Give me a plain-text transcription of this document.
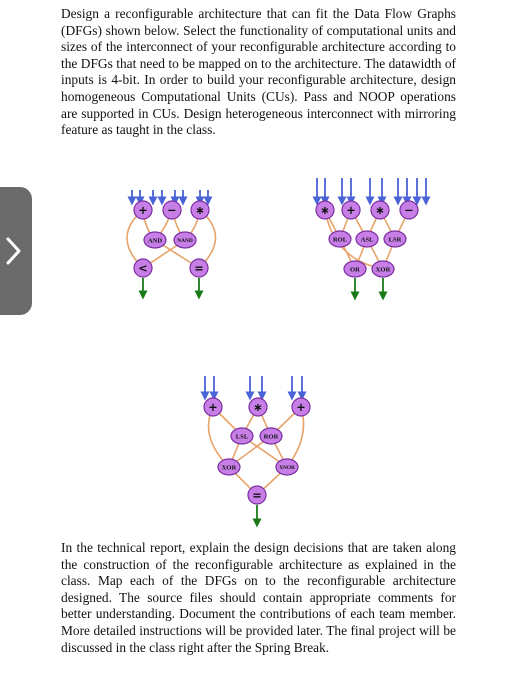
Design a reconfigurable architecture that can fit the Data Flow Graphs (DFGs) shown below. Select the functionality of computational units and sizes of the interconnect of your reconfigurable architecture according to the DFGs that need to be mapped on to the architecture. The datawidth of inputs is 4-bit. In order to build your reconfigurable architecture, design homogeneous Computational Units (CUs). Pass and NOOP operations are supported in CUs. Design heterogeneous interconnect with mirroring feature as taught in the class.
+ − ∗
AND	NAND
<	=
∗ + ∗ −
ROL ASL LSR
OR XOR
+	∗	+
LSL ROR
XOR	XNOR
=
In the technical report, explain the design decisions that are taken along the construction of the reconfigurable architecture as explained in the class. Map each of the DFGs on to the reconfigurable architecture designed. The source files should contain appropriate comments for better understanding. Document the contributions of each team member. More detailed instructions will be provided later. The final project will be discussed in the class right after the Spring Break.
